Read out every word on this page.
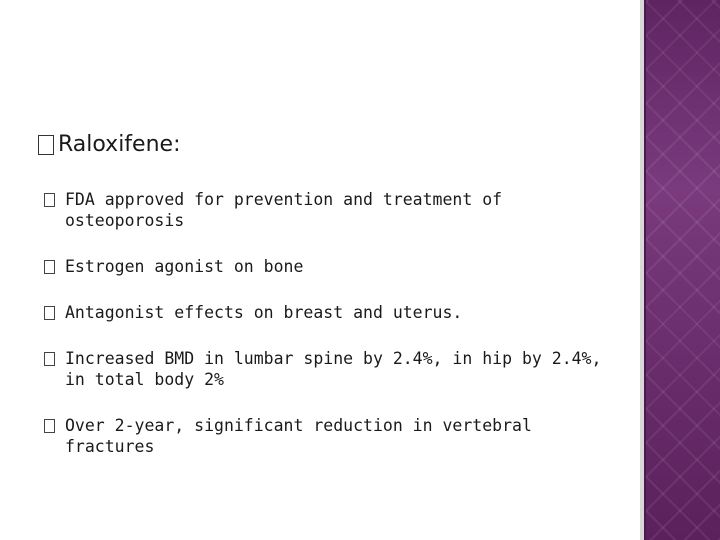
Raloxifene:
FDA approved for prevention and treatment of osteoporosis
Estrogen agonist on bone
Antagonist effects on breast and uterus.
Increased BMD in lumbar spine by 2.4%, in hip by 2.4%, in total body 2%
Over 2-year, significant reduction in vertebral fractures
